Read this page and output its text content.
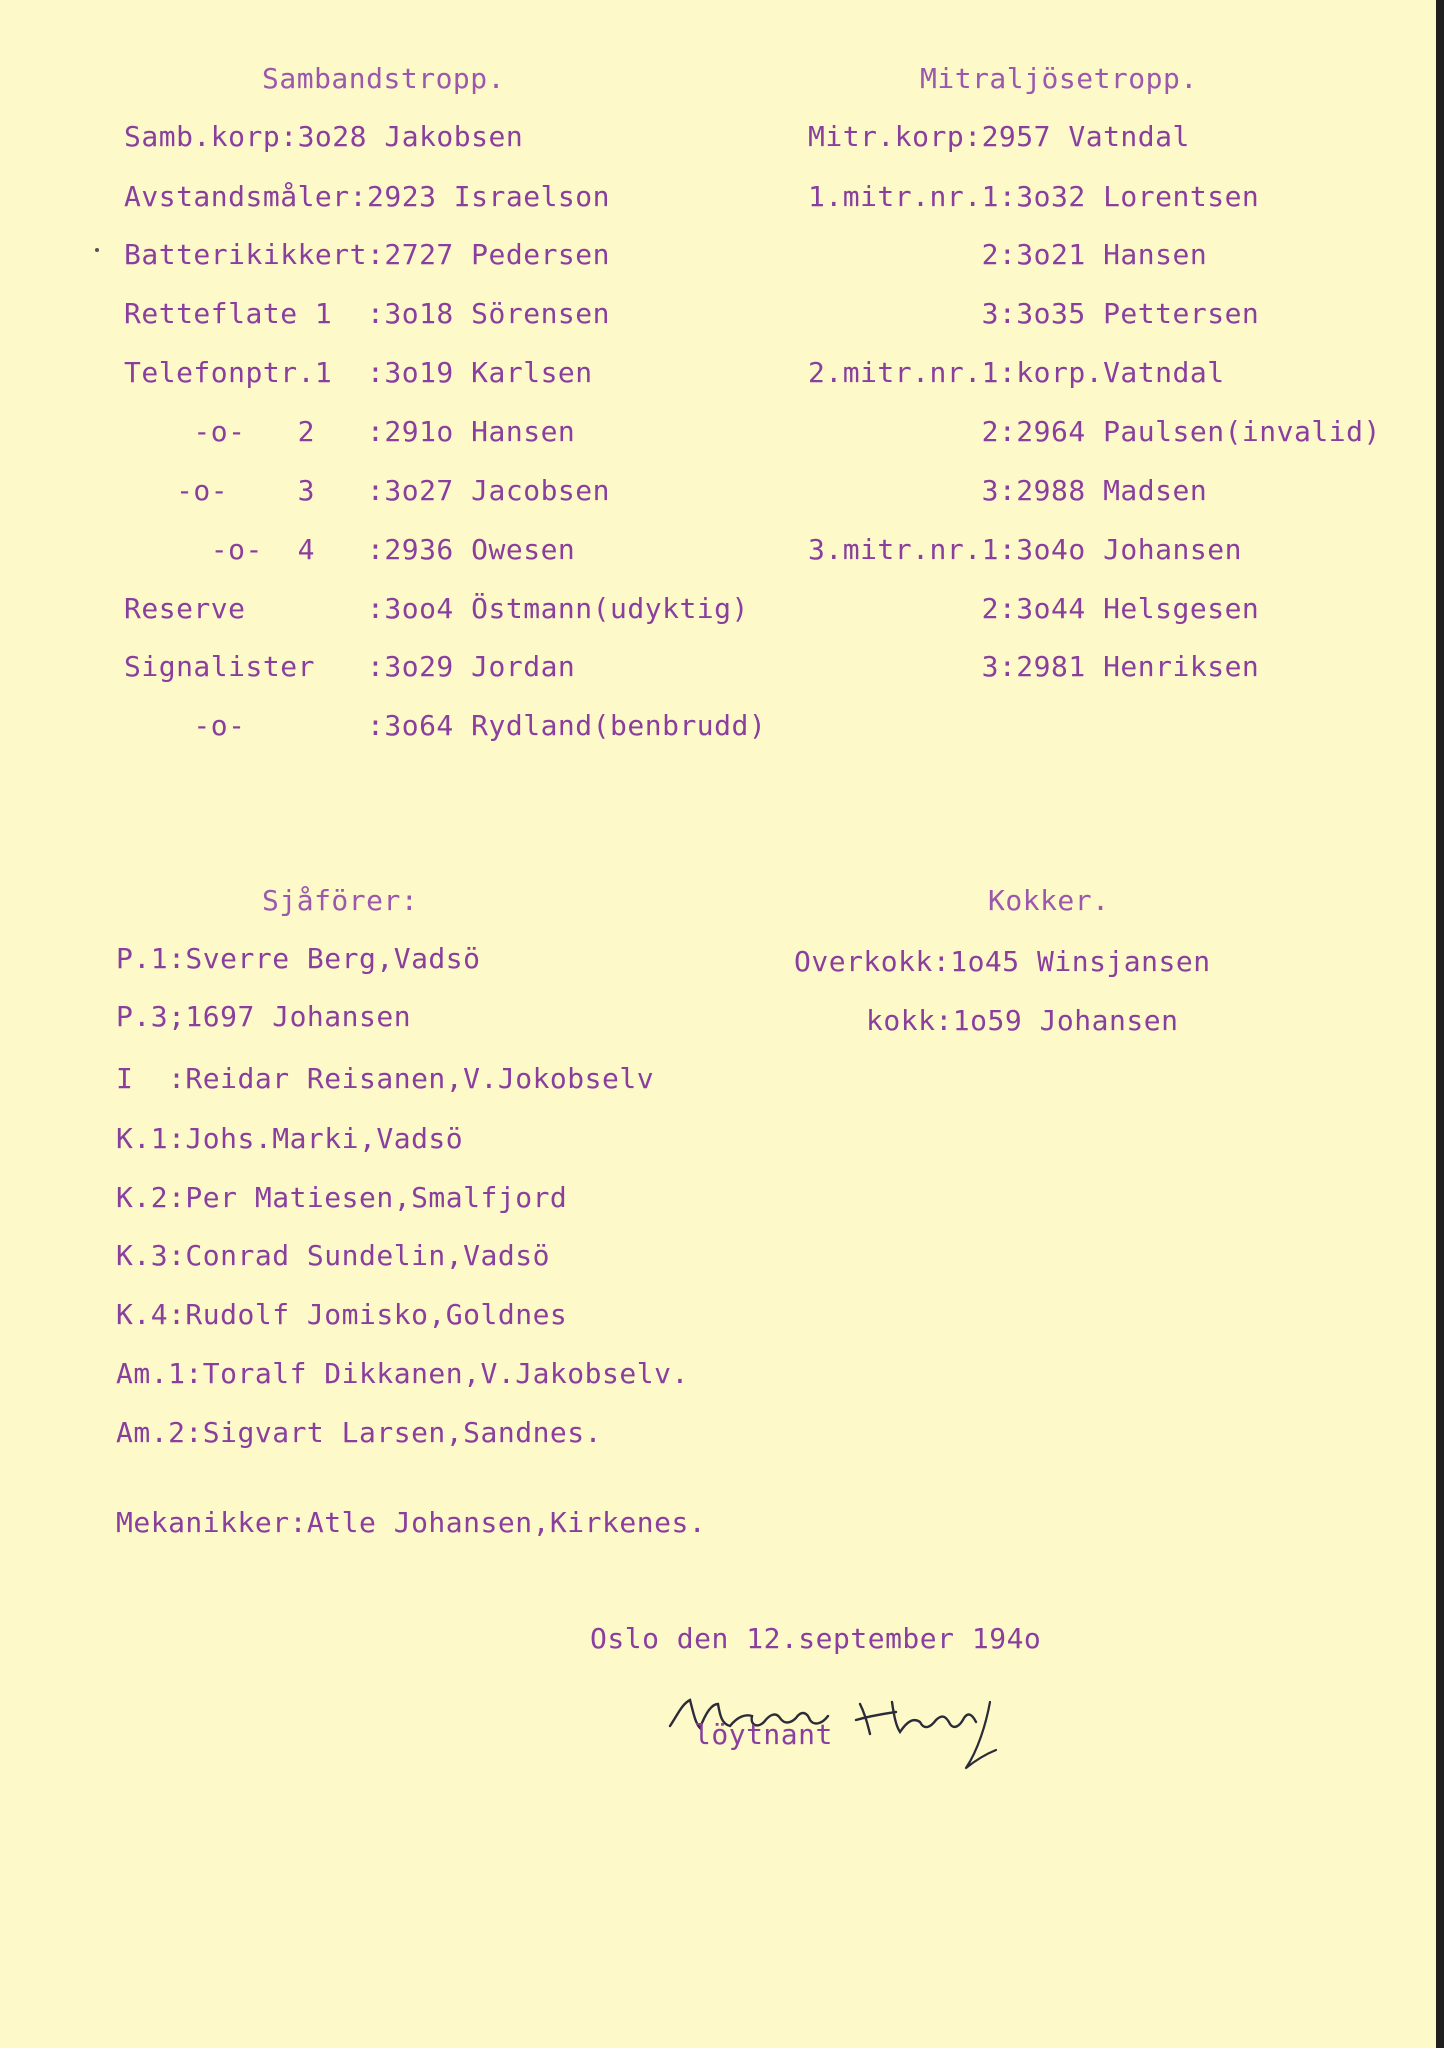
Sambandstropp.
Samb.korp:3o28 Jakobsen
Avstandsmåler:2923 Israelson
Batterikikkert:2727 Pedersen
Retteflate 1  :3o18 Sörensen
Telefonptr.1  :3o19 Karlsen
-o-   2   :291o Hansen
-o-    3   :3o27 Jacobsen
-o-  4   :2936 Owesen
Reserve       :3oo4 Östmann(udyktig)
Signalister   :3o29 Jordan
-o-       :3o64 Rydland(benbrudd)
Mitraljösetropp.
Mitr.korp:2957 Vatndal
1.mitr.nr.1:3o32 Lorentsen
2:3o21 Hansen
3:3o35 Pettersen
2.mitr.nr.1:korp.Vatndal
2:2964 Paulsen(invalid)
3:2988 Madsen
3.mitr.nr.1:3o4o Johansen
2:3o44 Helsgesen
3:2981 Henriksen
Sjåförer:
P.1:Sverre Berg,Vadsö
P.3;1697 Johansen
I  :Reidar Reisanen,V.Jokobselv
K.1:Johs.Marki,Vadsö
K.2:Per Matiesen,Smalfjord
K.3:Conrad Sundelin,Vadsö
K.4:Rudolf Jomisko,Goldnes
Am.1:Toralf Dikkanen,V.Jakobselv.
Am.2:Sigvart Larsen,Sandnes.
Mekanikker:Atle Johansen,Kirkenes.
Kokker.
Overkokk:1o45 Winsjansen
kokk:1o59 Johansen
Oslo den 12.september 194o
löytnant
